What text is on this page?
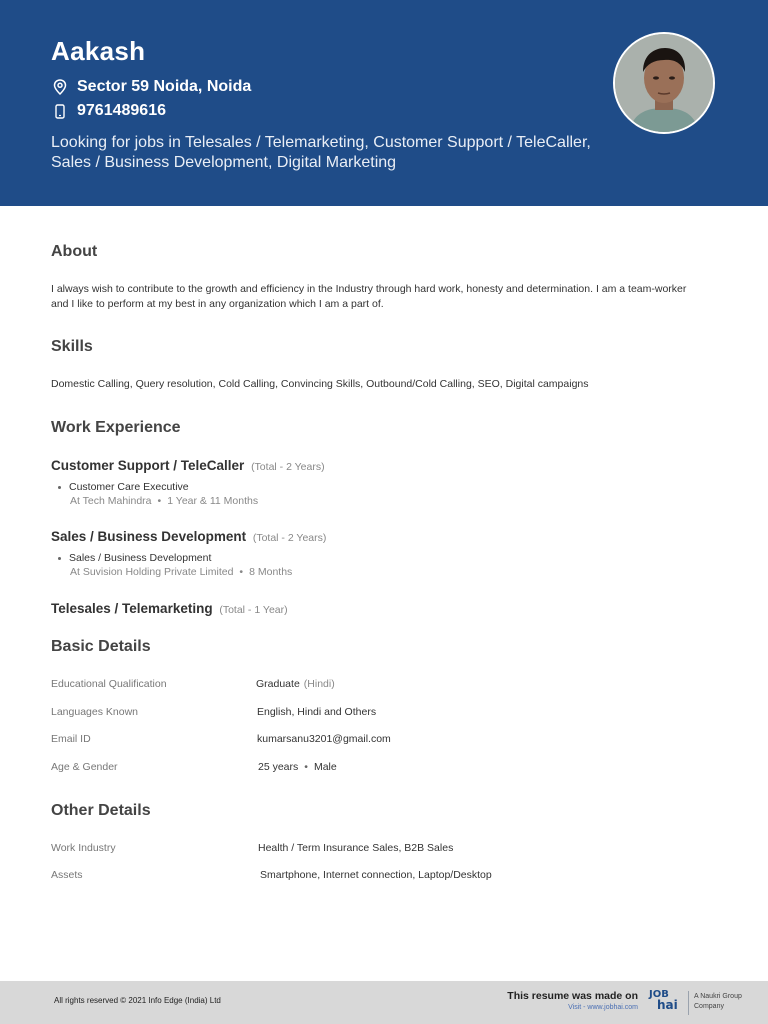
Aakash
Sector 59 Noida, Noida
9761489616
Looking for jobs in Telesales / Telemarketing, Customer Support / TeleCaller, Sales / Business Development, Digital Marketing
About
I always wish to contribute to the growth and efficiency in the Industry through hard work, honesty and determination. I am a team-worker and I like to perform at my best in any organization which I am a part of.
Skills
Domestic Calling, Query resolution, Cold Calling, Convincing Skills, Outbound/Cold Calling, SEO, Digital campaigns
Work Experience
Customer Support / TeleCaller (Total - 2 Years)
Customer Care Executive
At Tech Mahindra • 1 Year & 11 Months
Sales / Business Development (Total - 2 Years)
Sales / Business Development
At Suvision Holding Private Limited • 8 Months
Telesales / Telemarketing (Total - 1 Year)
Basic Details
Educational Qualification	Graduate (Hindi)
Languages Known	English, Hindi and Others
Email ID	kumarsanu3201@gmail.com
Age & Gender	25 years • Male
Other Details
Work Industry	Health / Term Insurance Sales, B2B Sales
Assets	Smartphone, Internet connection, Laptop/Desktop
All rights reserved © 2021 Info Edge (India) Ltd	This resume was made on
Visit - www.jobhai.com
JOB
hai
A Naukri Group
Company
